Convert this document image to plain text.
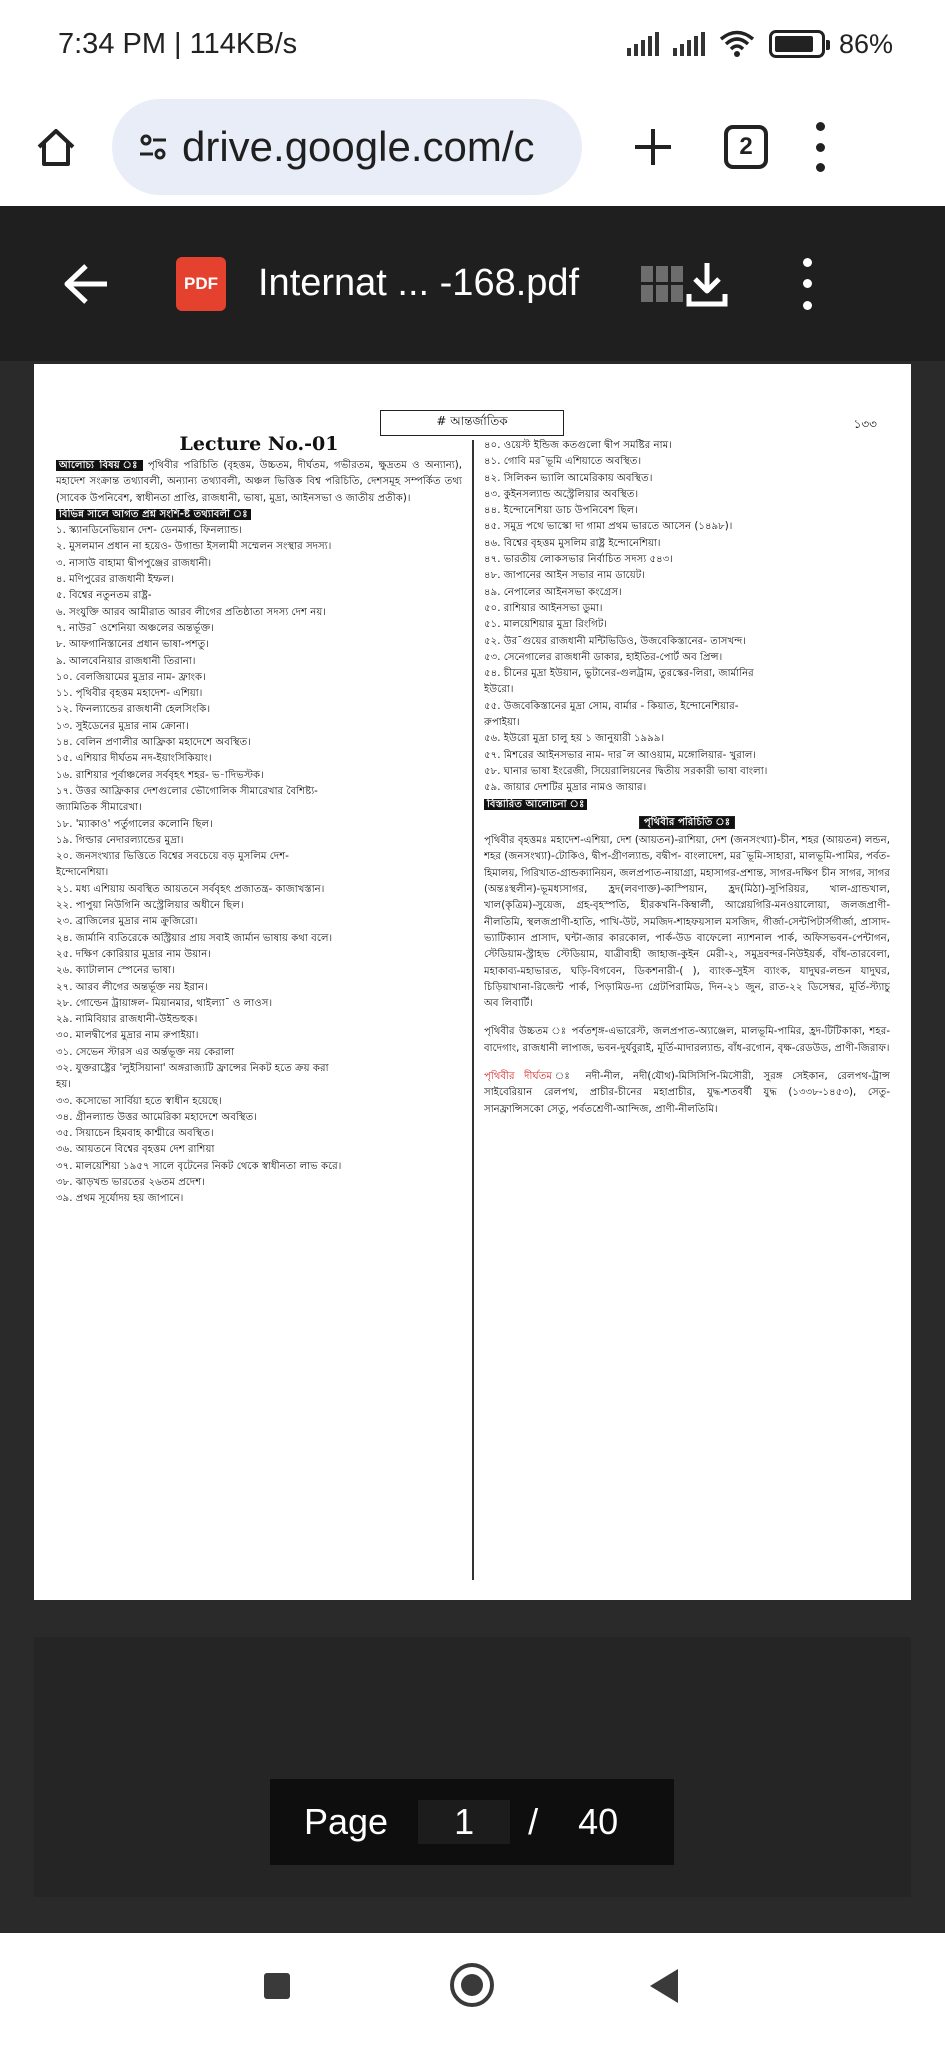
7:34 PM | 114KB/s	86%
drive.google.com/c	2
PDF Internat ... -168.pdf
# আন্তর্জাতিক	১৩৩
Lecture No.-01

আলোচ্য বিষয় ঃ পৃথিবীর পরিচিতি (বৃহত্তম, উচ্চতম, দীর্ঘতম, গভীরতম, ক্ষুদ্রতম ও অন্যান্য), মহাদেশ সংক্রান্ত তথ্যাবলী, অন্যান্য তথ্যাবলী, অঞ্চল ভিত্তিক বিশ্ব পরিচিতি, দেশসমূহ সম্পর্কিত তথ্য (সাবেক উপনিবেশ, স্বাধীনতা প্রাপ্তি, রাজধানী, ভাষা, মুদ্রা, আইনসভা ও জাতীয় প্রতীক)।

বিভিন্ন সালে আগত প্রশ্ন সংশি-ষ্ট তথ্যাবলী ঃ

১. স্ক্যানডিনেভিয়ান দেশ- ডেনমার্ক, ফিনল্যান্ড।

২. মুসলমান প্রধান না হয়েও- উগান্ডা ইসলামী সম্মেলন সংস্থার সদস্য।

৩. নাসাউ বাহামা দ্বীপপুঞ্জের রাজধানী।

৪. মণিপুরের রাজধানী ইম্ফল।

৫. বিশ্বের নতুনতম রাষ্ট্র-

৬. সংযুক্তি আরব আমীরাত আরব লীগের প্রতিষ্ঠাতা সদস্য দেশ নয়।

৭. নাউর¯ ওশেনিয়া অঞ্চলের অন্তর্ভূক্ত।

৮. আফগানিস্তানের প্রধান ভাষা-পশতু।

৯. আলবেনিয়ার রাজধানী তিরানা।

১০. বেলজিয়ামের মুদ্রার নাম- ফ্রাংক।

১১. পৃথিবীর বৃহত্তম মহাদেশ- এশিয়া।

১২. ফিনল্যান্ডের রাজধানী হেলসিংকি।

১৩. সুইডেনের মুদ্রার নাম ক্রোনা।

১৪. বেলিন প্রণালীর আফ্রিকা মহাদেশে অবস্থিত।

১৫. এশিয়ার দীর্ঘতম নদ-ইয়াংসিকিয়াং।

১৬. রাশিয়ার পূর্বাঞ্চলের সর্ববৃহৎ শহর- ভ-াদিভস্টক।

১৭. উত্তর আফ্রিকার দেশগুলোর ভৌগোলিক সীমারেখার বৈশিষ্ট্য-

জ্যামিতিক সীমারেখা।

১৮. 'ম্যাকাও' পর্তুগালের কলোনি ছিল।

১৯. গিল্ডার নেদারল্যান্ডের মুদ্রা।

২০. জনসংখ্যার ভিত্তিতে বিশ্বের সবচেয়ে বড় মুসলিম দেশ-

ইন্দোনেশিয়া।

২১. মধ্য এশিয়ায় অবস্থিত আয়তনে সর্ববৃহৎ প্রজাতন্ত্র- কাজাখস্তান।

২২. পাপুয়া নিউগিনি অস্ট্রেলিয়ার অধীনে ছিল।

২৩. ব্রাজিলের মুদ্রার নাম ক্রুজিরো।

২৪. জার্মানি ব্যতিরেকে অস্ট্রিয়ার প্রায় সবাই জার্মান ভাষায় কথা বলে।

২৫. দক্ষিণ কোরিয়ার মুদ্রার নাম উয়ান।

২৬. ক্যাটালান স্পেনের ভাষা।

২৭. আরব লীগের অন্তর্ভূক্ত নয় ইরান।

২৮. গোল্ডেন ট্রায়াঙ্গল- মিয়ানমার, থাইল্যা¯ ও লাওস।

২৯. নামিবিয়ার রাজধানী-উইন্ডহুক।

৩০. মালদ্বীপের মুদ্রার নাম রুপাইয়া।

৩১. সেভেন স্টারস এর অর্ন্তভূক্ত নয় কেরালা

৩২. যুক্তরাষ্ট্রের 'লুইসিয়ানা' অঙ্গরাজ্যটি ফ্রান্সের নিকট হতে ক্রয় করা

হয়।

৩৩. কসোভো সার্বিয়া হতে স্বাধীন হয়েছে।

৩৪. গ্রীনল্যান্ড উত্তর আমেরিকা মহাদেশে অবস্থিত।

৩৫. সিয়াচেন হিমবাহ কাশ্মীরে অবস্থিত।

৩৬. আয়তনে বিশ্বের বৃহত্তম দেশ রাশিয়া

৩৭. মালয়েশিয়া ১৯৫৭ সালে বৃটেনের নিকট থেকে স্বাধীনতা লাভ করে।

৩৮. ঝাড়খন্ড ভারতের ২৬তম প্রদেশ।

৩৯. প্রথম সূর্যোদয় হয় জাপানে।

৪০. ওয়েস্ট ইন্ডিজ কতগুলো দ্বীপ সমষ্টির নাম।

৪১. গোবি মর¯ভূমি এশিয়াতে অবস্থিত।

৪২. সিলিকন ভ্যালি আমেরিকায় অবস্থিত।

৪৩. কুইনসল্যান্ড অস্ট্রেলিয়ার অবস্থিত।

৪৪. ইন্দোনেশিয়া ডাচ উপনিবেশ ছিল।

৪৫. সমুদ্র পথে ভাস্কো দা গামা প্রথম ভারতে আসেন (১৪৯৮)।

৪৬. বিশ্বের বৃহত্তম মুসলিম রাষ্ট্র ইন্দোনেশিয়া।

৪৭. ভারতীয় লোকসভার নির্বাচিত সদস্য ৫৪৩।

৪৮. জাপানের আইন সভার নাম ডায়েট।

৪৯. নেপালের আইনসভা কংগ্রেস।

৫০. রাশিয়ার আইনসভা ডুমা।

৫১. মালয়েশিয়ার মুদ্রা রিংগিট।

৫২. উর¯গুয়ের রাজধানী মন্টিভিডিও, উজবেকিস্তানের- তাসখন্দ।

৫৩. সেনেগালের রাজধানী ডাকার, হাইতির-পোর্ট অব প্রিন্স।

৫৪. চীনের মুদ্রা ইউয়ান, ভুটানের-গুলট্রাম, তুরস্কের-লিরা, জার্মানির

ইউরো।

৫৫. উজবেকিস্তানের মুদ্রা সোম, বার্মার - কিয়াত, ইন্দোনেশিয়ার-

রুপাইয়া।

৫৬. ইউরো মুদ্রা চালু হয় ১ জানুয়ারী ১৯৯৯।

৫৭. মিশরের আইনসভার নাম- দার¯ল আওয়াম, মঙ্গোলিয়ার- খুরাল।

৫৮. ঘানার ভাষা ইংরেজী, সিয়েরালিয়নের দ্বিতীয় সরকারী ভাষা বাংলা।

৫৯. জায়ার দেশটির মুদ্রার নামও জায়ার।

বিস্তারিত আলোচনা ঃ

পৃথিবীর পরিচিতি ঃ

পৃথিবীর বৃহত্তমঃ মহাদেশ-এশিয়া, দেশ (আয়তন)-রাশিয়া, দেশ (জনসংখ্যা)-চীন, শহর (আয়তন) লন্ডন, শহর (জনসংখ্যা)-টোকিও, দ্বীপ-গ্রীণল্যান্ড, বদ্বীপ- বাংলাদেশ, মর¯ভূমি-সাহারা, মালভূমি-পামির, পর্বত-হিমালয়, গিরিখাত-গ্রান্ডক্যানিয়ন, জলপ্রপাত-নায়াগ্রা, মহাসাগর-প্রশান্ত, সাগর-দক্ষিণ চীন সাগর, সাগর (অন্তঃস্থলীন)-ভূমধ্যসাগর, হ্রদ(লবণাক্ত)-কাস্পিয়ান, হ্রদ(মিঠা)-সুপিরিয়র, খাল-গ্রান্ডখাল, খাল(কৃত্রিম)-সুয়েজ, গ্রহ-বৃহস্পতি, হীরকখনি-কিম্বার্লী, আগ্নেয়গিরি-মনওয়ালোয়া, জলজপ্রাণী-নীলতিমি, স্থলজপ্রাণী-হাতি, পাখি-উট, সমজিদ-শাহফয়সাল মসজিদ, গীর্জা-সেন্টপিটার্সগীর্জা, প্রাসাদ-ভ্যাটিক্যান প্রাসাদ, ঘন্টা-জার কারকোল, পার্ক-উড বাফেলো ন্যাশনাল পার্ক, অফিসভবন-পেন্টাগন, স্টেডিয়াম-স্ট্রাহভ স্টেডিয়াম, যাত্রীবাহী জাহাজ-কুইন মেরী-২, সমুদ্রবন্দর-নিউইয়র্ক, বাঁধ-তারবেলা, মহাকাব্য-মহাভারত, ঘড়ি-বিগবেন, ডিকশনারী-( ), ব্যাংক-সুইস ব্যাংক, যাদুঘর-লন্ডন যাদুঘর, চিড়িয়াখানা-রিজেন্ট পার্ক, পিড়ামিড-দ্য গ্রেটপিরামিড, দিন-২১ জুন, রাত-২২ ডিসেম্বর, মূর্তি-স্ট্যাচু অব লিবার্টি।

পৃথিবীর উচ্চতম ঃ পর্বতশৃঙ্গ-এভারেস্ট, জলপ্রপাত-অ্যাঞ্জেল, মালভূমি-পামির, হ্রদ-টিটিকাকা, শহর-বাদেগাং, রাজধানী লাপাজ, ভবন-দুর্যবুরাই, মূর্তি-মাদারল্যান্ড, বাঁধ-রগোন, বৃক্ষ-রেডউড, প্রাণী-জিরাফ।

পৃথিবীর দীর্ঘতম ঃ নদী-নীল, নদী(যৌথ)-মিসিসিপি-মিসৌরী, সুরঙ্গ সেইকান, রেলপথ-ট্রান্স সাইবেরিয়ান রেলপথ, প্রাচীর-চীনের মহাপ্রাচীর, যুদ্ধ-শতবর্ষী যুদ্ধ (১৩৩৮-১৪৫৩), সেতু-সানফ্রান্সিসকো সেতু, পর্বতশ্রেণী-আন্দিজ, প্রাণী-নীলতিমি।

Page	1	/ 40
